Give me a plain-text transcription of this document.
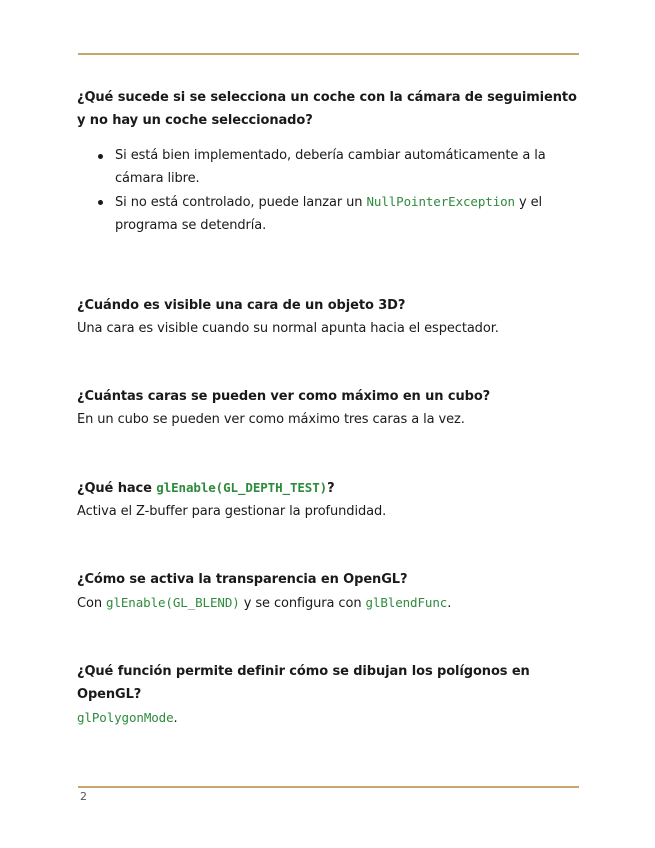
¿Qué sucede si se selecciona un coche con la cámara de seguimiento y no hay un coche seleccionado?

Si está bien implementado, debería cambiar automáticamente a la cámara libre.
Si no está controlado, puede lanzar un NullPointerException y el programa se detendría.

¿Cuándo es visible una cara de un objeto 3D?

Una cara es visible cuando su normal apunta hacia el espectador.

¿Cuántas caras se pueden ver como máximo en un cubo?

En un cubo se pueden ver como máximo tres caras a la vez.

¿Qué hace glEnable(GL_DEPTH_TEST)?

Activa el Z-buffer para gestionar la profundidad.

¿Cómo se activa la transparencia en OpenGL?

Con glEnable(GL_BLEND) y se configura con glBlendFunc.

¿Qué función permite definir cómo se dibujan los polígonos en OpenGL?

glPolygonMode.

2
